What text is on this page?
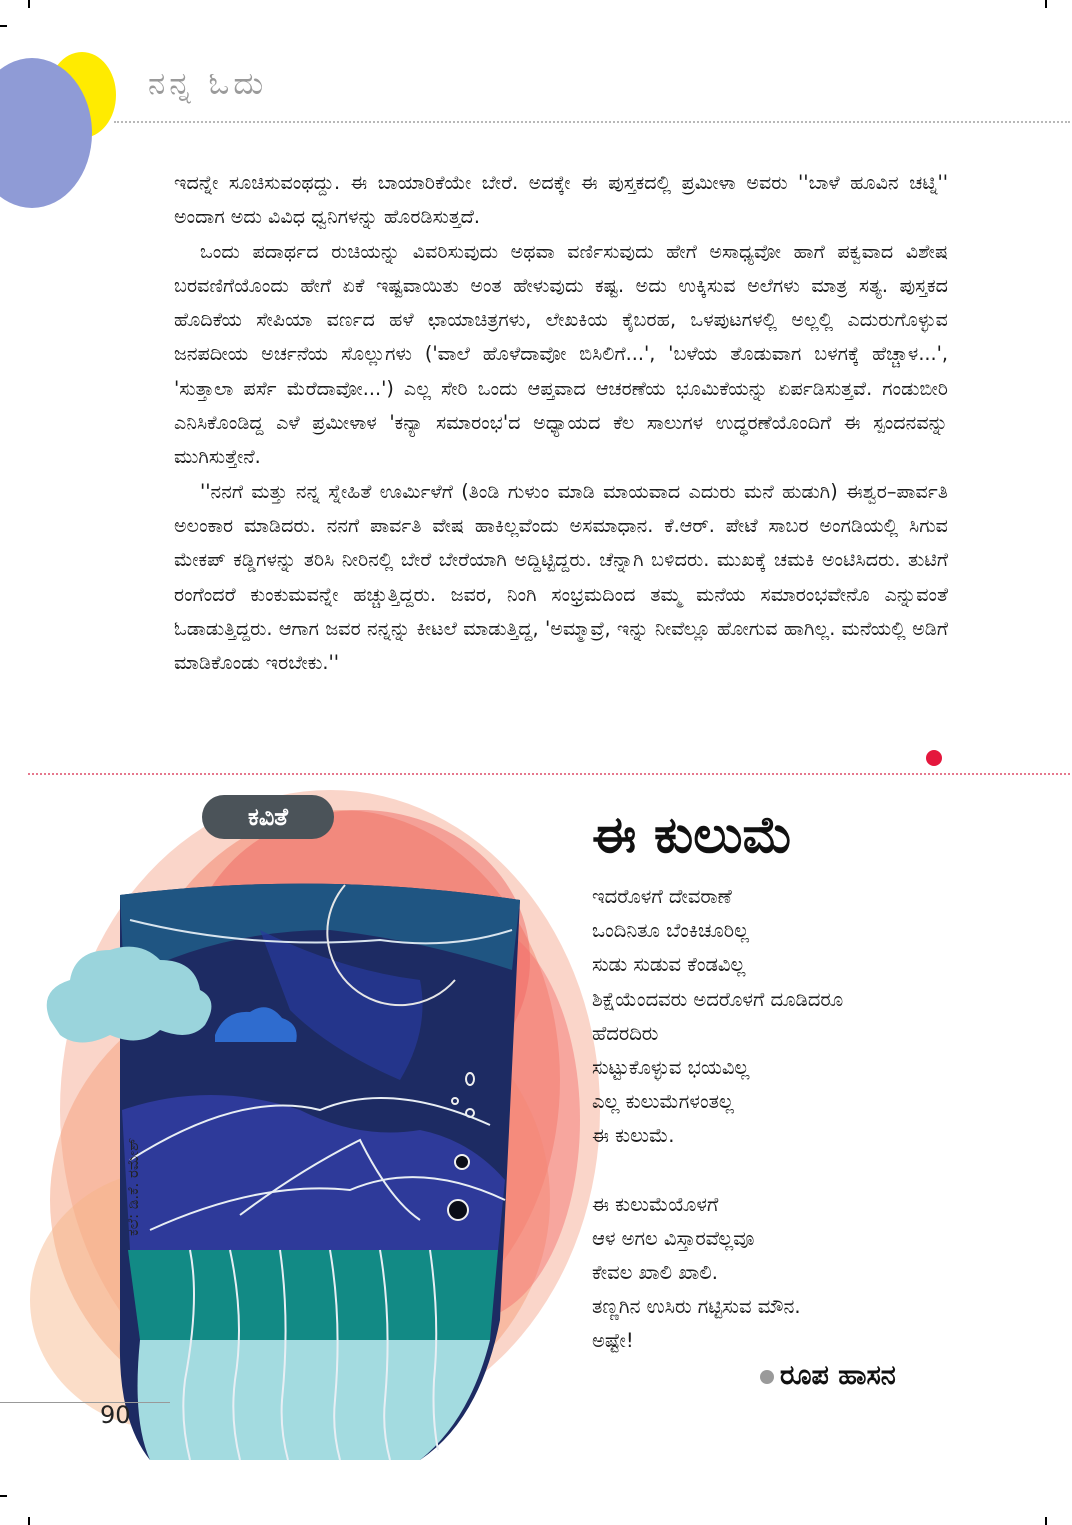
ನನ್ನ ಓದು

ಇದನ್ನೇ ಸೂಚಿಸುವಂಥದ್ದು. ಈ ಬಾಯಾರಿಕೆಯೇ ಬೇರೆ. ಅದಕ್ಕೇ ಈ ಪುಸ್ತಕದಲ್ಲಿ ಪ್ರಮೀಳಾ ಅವರು ''ಬಾಳೆ ಹೂವಿನ ಚಟ್ನಿ'' ಅಂದಾಗ ಅದು ವಿವಿಧ ಧ್ವನಿಗಳನ್ನು ಹೊರಡಿಸುತ್ತದೆ.

ಒಂದು ಪದಾರ್ಥದ ರುಚಿಯನ್ನು ವಿವರಿಸುವುದು ಅಥವಾ ವರ್ಣಿಸುವುದು ಹೇಗೆ ಅಸಾಧ್ಯವೋ ಹಾಗೆ ಪಕ್ವವಾದ ವಿಶೇಷ ಬರವಣಿಗೆಯೊಂದು ಹೇಗೆ ಏಕೆ ಇಷ್ಟವಾಯಿತು ಅಂತ ಹೇಳುವುದು ಕಷ್ಟ. ಅದು ಉಕ್ಕಿಸುವ ಅಲೆಗಳು ಮಾತ್ರ ಸತ್ಯ. ಪುಸ್ತಕದ ಹೊದಿಕೆಯ ಸೇಪಿಯಾ ವರ್ಣದ ಹಳೆ ಛಾಯಾಚಿತ್ರಗಳು, ಲೇಖಕಿಯ ಕೈಬರಹ, ಒಳಪುಟಗಳಲ್ಲಿ ಅಲ್ಲಲ್ಲಿ ಎದುರುಗೊಳ್ಳುವ ಜನಪದೀಯ ಅರ್ಚನೆಯ ಸೊಲ್ಲುಗಳು ('ವಾಲೆ ಹೊಳೆದಾವೋ ಬಿಸಿಲಿಗೆ...', 'ಬಳೆಯ ತೊಡುವಾಗ ಬಳಗಕ್ಕೆ ಹೆಚ್ಚಾಳ...', 'ಸುತ್ತಾಲಾ ಪರ್ಸೆ ಮೆರೆದಾವೋ...') ಎಲ್ಲ ಸೇರಿ ಒಂದು ಆಪ್ತವಾದ ಆಚರಣೆಯ ಭೂಮಿಕೆಯನ್ನು ಏರ್ಪಡಿಸುತ್ತವೆ. ಗಂಡುಬೀರಿ ಎನಿಸಿಕೊಂಡಿದ್ದ ಎಳೆ ಪ್ರಮೀಳಾಳ 'ಕನ್ಯಾ ಸಮಾರಂಭ'ದ ಅಧ್ಯಾಯದ ಕೆಲ ಸಾಲುಗಳ ಉದ್ಧರಣೆಯೊಂದಿಗೆ ಈ ಸ್ಪಂದನವನ್ನು ಮುಗಿಸುತ್ತೇನೆ.

''ನನಗೆ ಮತ್ತು ನನ್ನ ಸ್ನೇಹಿತೆ ಊರ್ಮಿಳೆಗೆ (ತಿಂಡಿ ಗುಳುಂ ಮಾಡಿ ಮಾಯವಾದ ಎದುರು ಮನೆ ಹುಡುಗಿ) ಈಶ್ವರ–ಪಾರ್ವತಿ ಅಲಂಕಾರ ಮಾಡಿದರು. ನನಗೆ ಪಾರ್ವತಿ ವೇಷ ಹಾಕಿಲ್ಲವೆಂದು ಅಸಮಾಧಾನ. ಕೆ.ಆರ್. ಪೇಟೆ ಸಾಬರ ಅಂಗಡಿಯಲ್ಲಿ ಸಿಗುವ ಮೇಕಪ್ ಕಡ್ಡಿಗಳನ್ನು ತರಿಸಿ ನೀರಿನಲ್ಲಿ ಬೇರೆ ಬೇರೆಯಾಗಿ ಅದ್ದಿಟ್ಟಿದ್ದರು. ಚೆನ್ನಾಗಿ ಬಳಿದರು. ಮುಖಕ್ಕೆ ಚಮಕಿ ಅಂಟಿಸಿದರು. ತುಟಿಗೆ ರಂಗೆಂದರೆ ಕುಂಕುಮವನ್ನೇ ಹಚ್ಚುತ್ತಿದ್ದರು. ಜವರ, ನಿಂಗಿ ಸಂಭ್ರಮದಿಂದ ತಮ್ಮ ಮನೆಯ ಸಮಾರಂಭವೇನೊ ಎನ್ನುವಂತೆ ಓಡಾಡುತ್ತಿದ್ದರು. ಆಗಾಗ ಜವರ ನನ್ನನ್ನು ಕೀಟಲೆ ಮಾಡುತ್ತಿದ್ದ, 'ಅಮ್ಮಾವ್ರೆ, ಇನ್ನು ನೀವೆಲ್ಲೂ ಹೋಗುವ ಹಾಗಿಲ್ಲ. ಮನೆಯಲ್ಲಿ ಅಡಿಗೆ ಮಾಡಿಕೊಂಡು ಇರಬೇಕು.''

ಕಲೆ: ಡಿ.ಕೆ. ರಮೇಶ್
ಕವಿತೆ	ಈ ಕುಲುಮೆ
ಇದರೊಳಗೆ ದೇವರಾಣೆ
ಒಂದಿನಿತೂ ಬೆಂಕಿಚೂರಿಲ್ಲ
ಸುಡು ಸುಡುವ ಕೆಂಡವಿಲ್ಲ
ಶಿಕ್ಷೆಯೆಂದವರು ಅದರೊಳಗೆ ದೂಡಿದರೂ
ಹೆದರದಿರು
ಸುಟ್ಟುಕೊಳ್ಳುವ ಭಯವಿಲ್ಲ
ಎಲ್ಲ ಕುಲುಮೆಗಳಂತಲ್ಲ
ಈ ಕುಲುಮೆ.
ಈ ಕುಲುಮೆಯೊಳಗೆ
ಆಳ ಅಗಲ ವಿಸ್ತಾರವೆಲ್ಲವೂ
ಕೇವಲ ಖಾಲಿ ಖಾಲಿ.
ತಣ್ಣಗಿನ ಉಸಿರು ಗಟ್ಟಿಸುವ ಮೌನ.
ಅಷ್ಟೇ!
ರೂಪ ಹಾಸನ
90
